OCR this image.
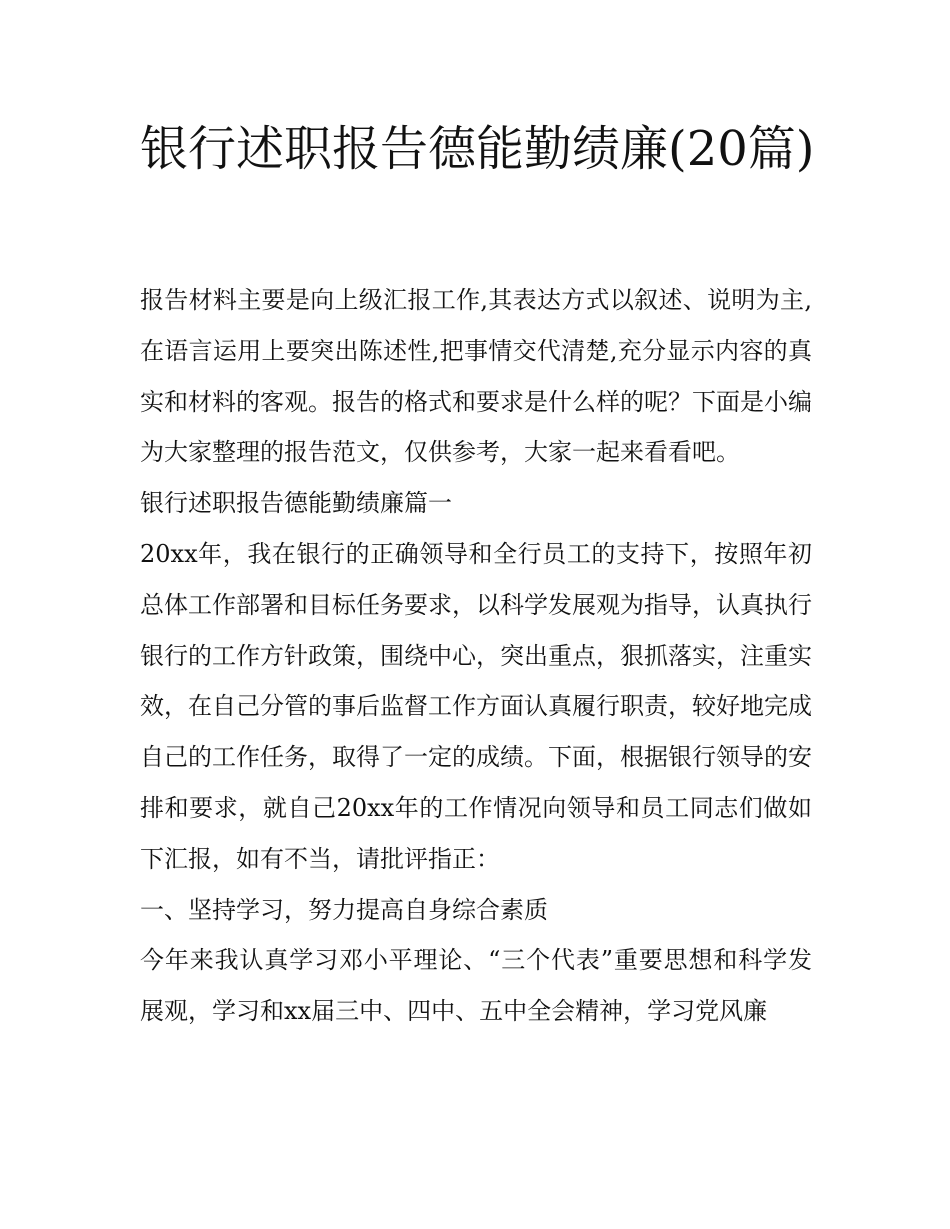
银行述职报告德能勤绩廉(20篇)

报告材料主要是向上级汇报工作,其表达方式以叙述、说明为主,在语言运用上要突出陈述性,把事情交代清楚,充分显示内容的真实和材料的客观。报告的格式和要求是什么样的呢？下面是小编为大家整理的报告范文，仅供参考，大家一起来看看吧。

银行述职报告德能勤绩廉篇一

20xx年，我在银行的正确领导和全行员工的支持下，按照年初总体工作部署和目标任务要求，以科学发展观为指导，认真执行银行的工作方针政策，围绕中心，突出重点，狠抓落实，注重实效，在自己分管的事后监督工作方面认真履行职责，较好地完成自己的工作任务，取得了一定的成绩。下面，根据银行领导的安排和要求，就自己20xx年的工作情况向领导和员工同志们做如下汇报，如有不当，请批评指正：

一、坚持学习，努力提高自身综合素质

今年来我认真学习邓小平理论、“三个代表”重要思想和科学发展观，学习和xx届三中、四中、五中全会精神，学习党风廉
